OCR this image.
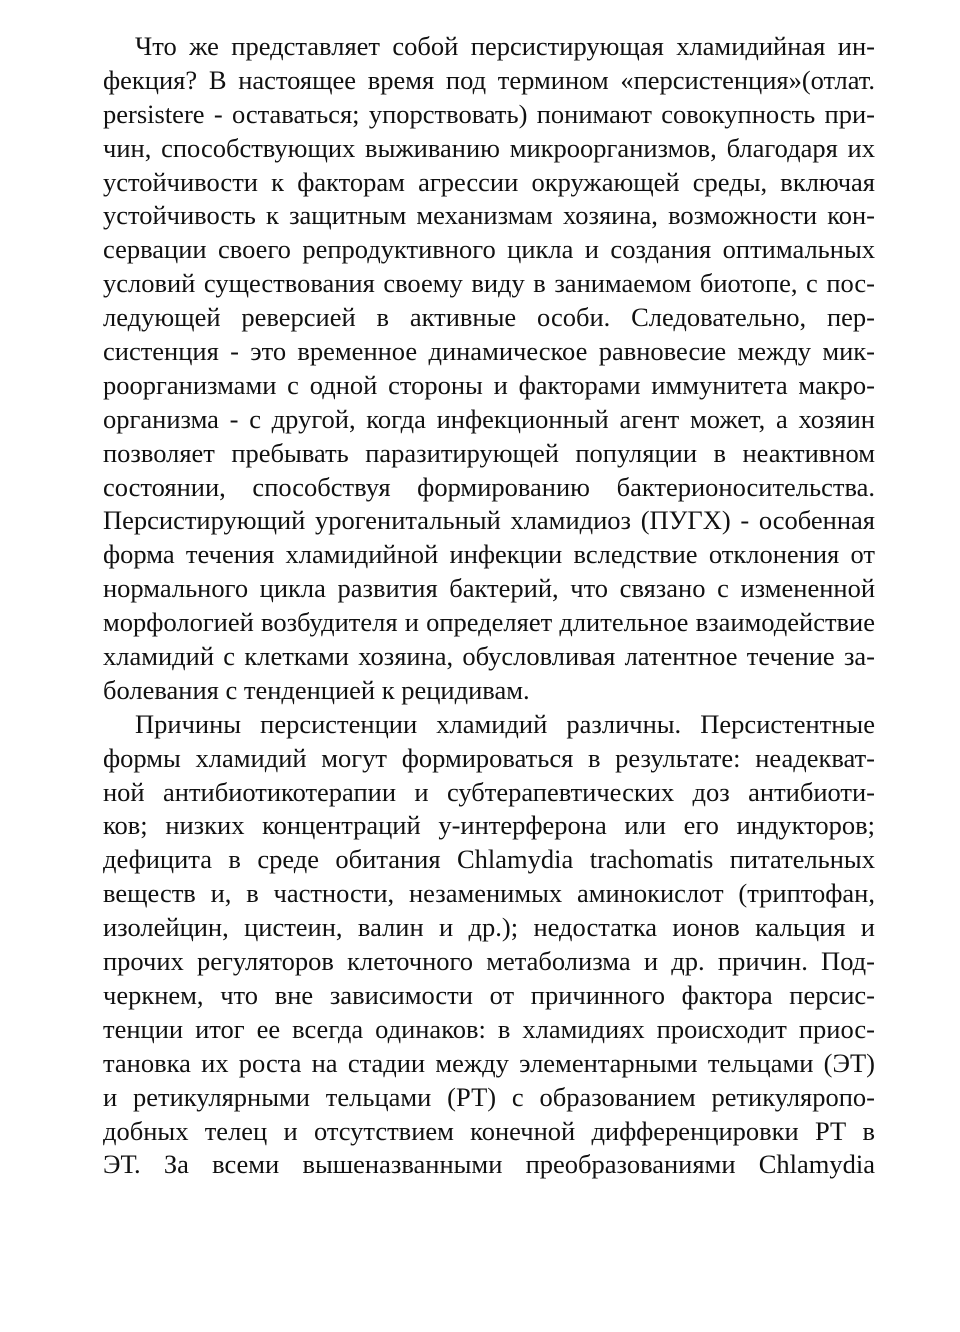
Что же представляет собой персистирующая хламидийная ин-
фекция? В настоящее время под термином «персистенция»(отлат.
persistere - оставаться; упорствовать) понимают совокупность при-
чин, способствующих выживанию микроорганизмов, благодаря их
устойчивости к факторам агрессии окружающей среды, включая
устойчивость к защитным механизмам хозяина, возможности кон-
сервации своего репродуктивного цикла и создания оптимальных
условий существования своему виду в занимаемом биотопе, с пос-
ледующей реверсией в активные особи. Следовательно, пер-
систенция - это временное динамическое равновесие между мик-
роорганизмами с одной стороны и факторами иммунитета макро-
организма - с другой, когда инфекционный агент может, а хозяин
позволяет пребывать паразитирующей популяции в неактивном
состоянии, способствуя формированию бактерионосительства.
Персистирующий урогенитальный хламидиоз (ПУГХ) - особенная
форма течения хламидийной инфекции вследствие отклонения от
нормального цикла развития бактерий, что связано с измененной
морфологией возбудителя и определяет длительное взаимодействие
хламидий с клетками хозяина, обусловливая латентное течение за-
болевания с тенденцией к рецидивам.
Причины персистенции хламидий различны. Персистентные
формы хламидий могут формироваться в результате: неадекват-
ной антибиотикотерапии и субтерапевтических доз антибиоти-
ков; низких концентраций у-интерферона или его индукторов;
дефицита в среде обитания Chlamydia trachomatis питательных
веществ и, в частности, незаменимых аминокислот (триптофан,
изолейцин, цистеин, валин и др.); недостатка ионов кальция и
прочих регуляторов клеточного метаболизма и др. причин. Под-
черкнем, что вне зависимости от причинного фактора персис-
тенции итог ее всегда одинаков: в хламидиях происходит приос-
тановка их роста на стадии между элементарными тельцами (ЭТ)
и ретикулярными тельцами (РТ) с образованием ретикуляропо-
добных телец и отсутствием конечной дифференцировки РТ в
ЭТ. За всеми вышеназванными преобразованиями Chlamydia
